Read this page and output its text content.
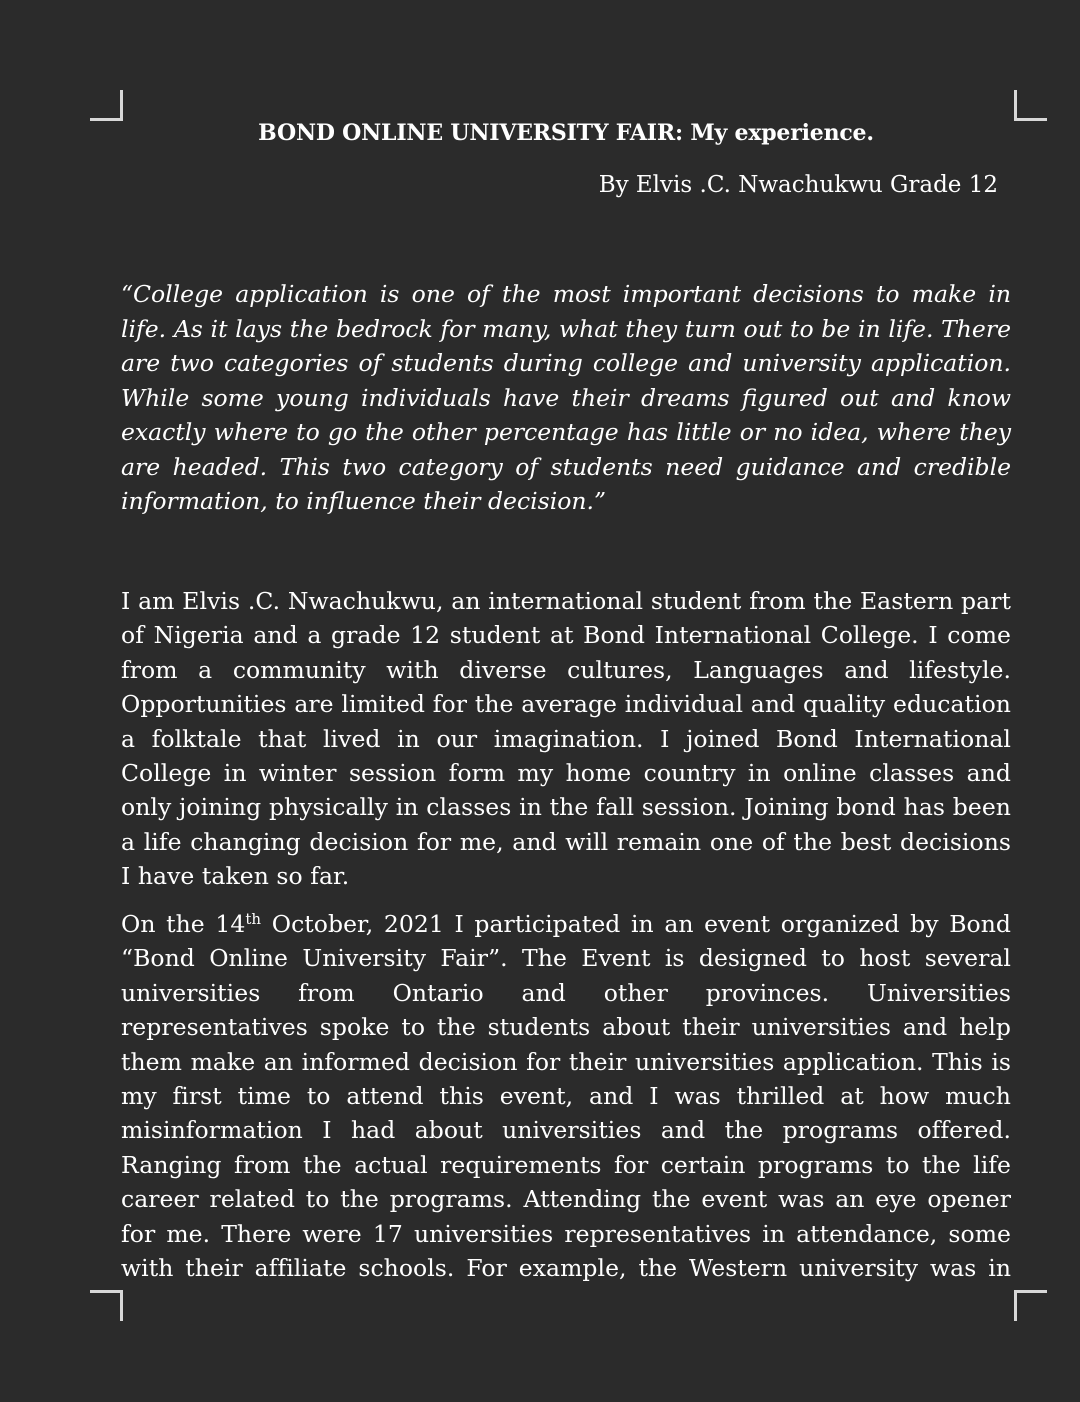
BOND ONLINE UNIVERSITY FAIR: My experience.

By Elvis .C. Nwachukwu Grade 12

“College application is one of the most important decisions to make in life. As it lays the bedrock for many, what they turn out to be in life. There are two categories of students during college and university application. While some young individuals have their dreams figured out and know exactly where to go the other percentage has little or no idea, where they are headed. This two category of students need guidance and credible information, to influence their decision.”

I am Elvis .C. Nwachukwu, an international student from the Eastern part of Nigeria and a grade 12 student at Bond International College. I come from a community with diverse cultures, Languages and lifestyle. Opportunities are limited for the average individual and quality education a folktale that lived in our imagination. I joined Bond International College in winter session form my home country in online classes and only joining physically in classes in the fall session. Joining bond has been a life changing decision for me, and will remain one of the best decisions I have taken so far.

On the 14th October, 2021 I participated in an event organized by Bond “Bond Online University Fair”. The Event is designed to host several universities from Ontario and other provinces. Universities representatives spoke to the students about their universities and help them make an informed decision for their universities application. This is my first time to attend this event, and I was thrilled at how much misinformation I had about universities and the programs offered. Ranging from the actual requirements for certain programs to the life career related to the programs. Attending the event was an eye opener for me. There were 17 universities representatives in attendance, some with their affiliate schools. For example, the Western university was in
